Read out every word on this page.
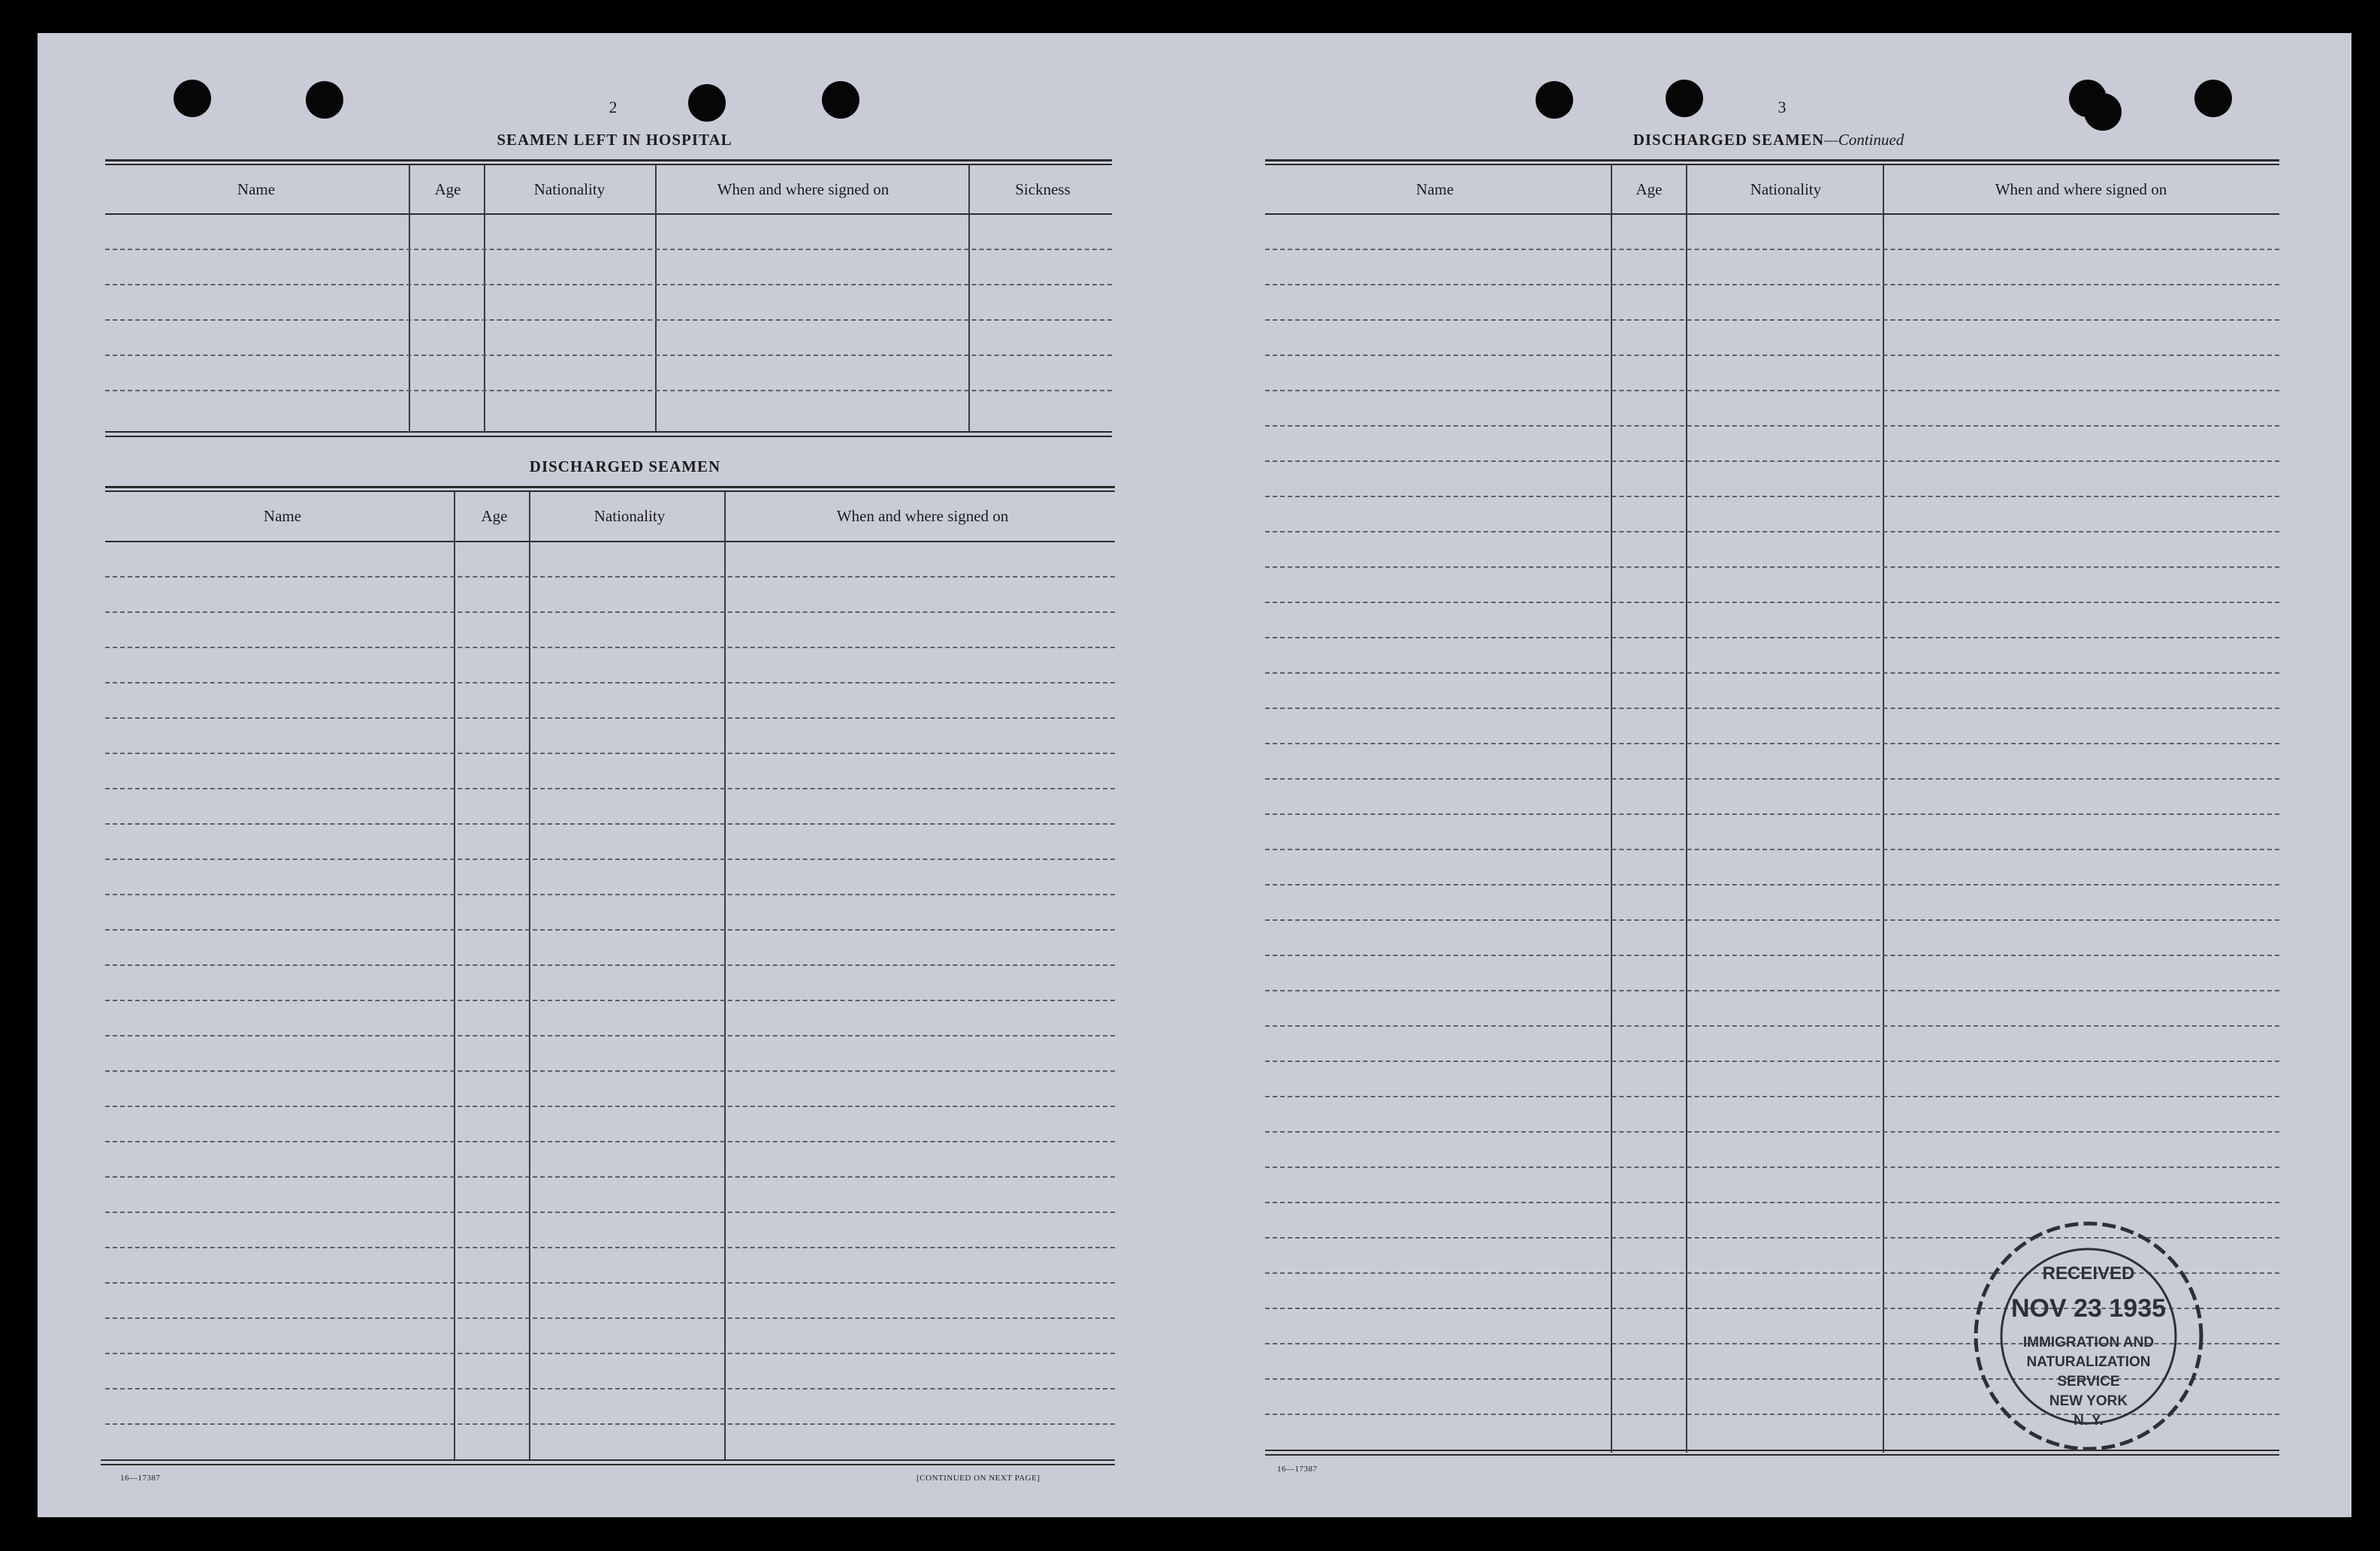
2
SEAMEN LEFT IN HOSPITAL
Name	Age	Nationality	When and where signed on	Sickness
DISCHARGED SEAMEN
Name	Age	Nationality	When and where signed on
16—17387	[CONTINUED ON NEXT PAGE]
3
DISCHARGED SEAMEN—Continued
Name	Age	Nationality	When and where signed on
16—17387
RECEIVED
NOV 23 1935
IMMIGRATION AND
NATURALIZATION
SERVICE
NEW YORK
N. Y.
